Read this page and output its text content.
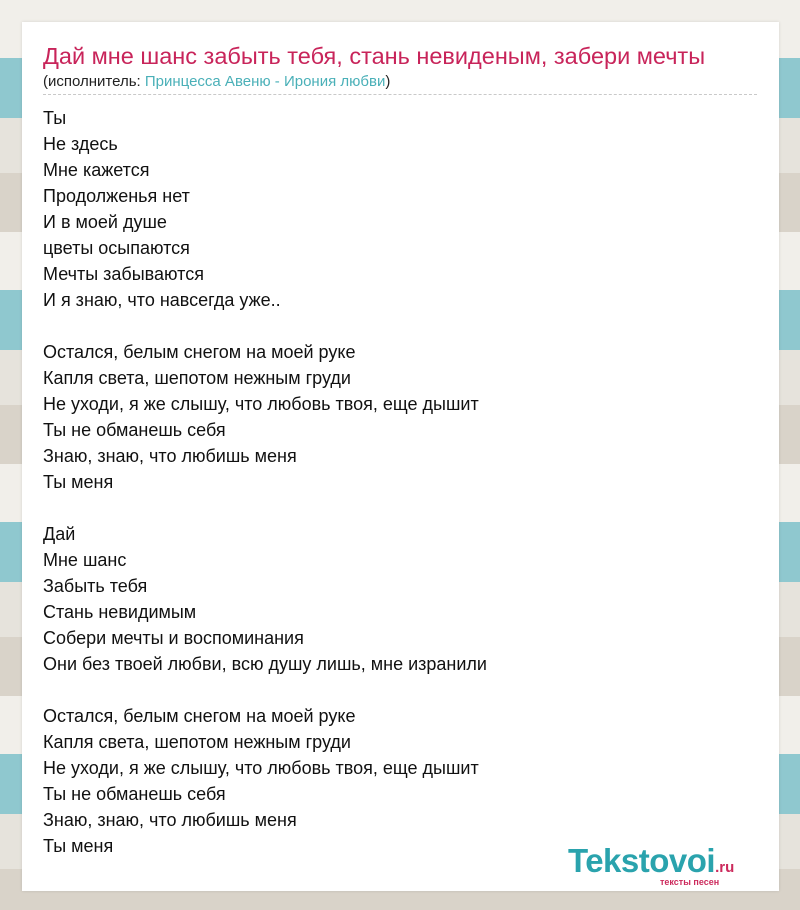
Дай мне шанс забыть тебя, стань невиденым, забери мечты
(исполнитель: Принцесса Авеню - Ирония любви)
Ты
Не здесь
Мне кажется
Продолженья нет
И в моей душе
цветы осыпаются
Мечты забываются
И я знаю, что навсегда уже..
Остался, белым снегом на моей руке
Капля света, шепотом нежным груди
Не уходи, я же слышу, что любовь твоя, еще дышит
Ты не обманешь себя
Знаю, знаю, что любишь меня
Ты меня
Дай
Мне шанс
Забыть тебя
Стань невидимым
Собери мечты и воспоминания
Они без твоей любви, всю душу лишь, мне изранили
Остался, белым снегом на моей руке
Капля света, шепотом нежным груди
Не уходи, я же слышу, что любовь твоя, еще дышит
Ты не обманешь себя
Знаю, знаю, что любишь меня
Ты меня	Tekstovoi.ru
тексты песен
